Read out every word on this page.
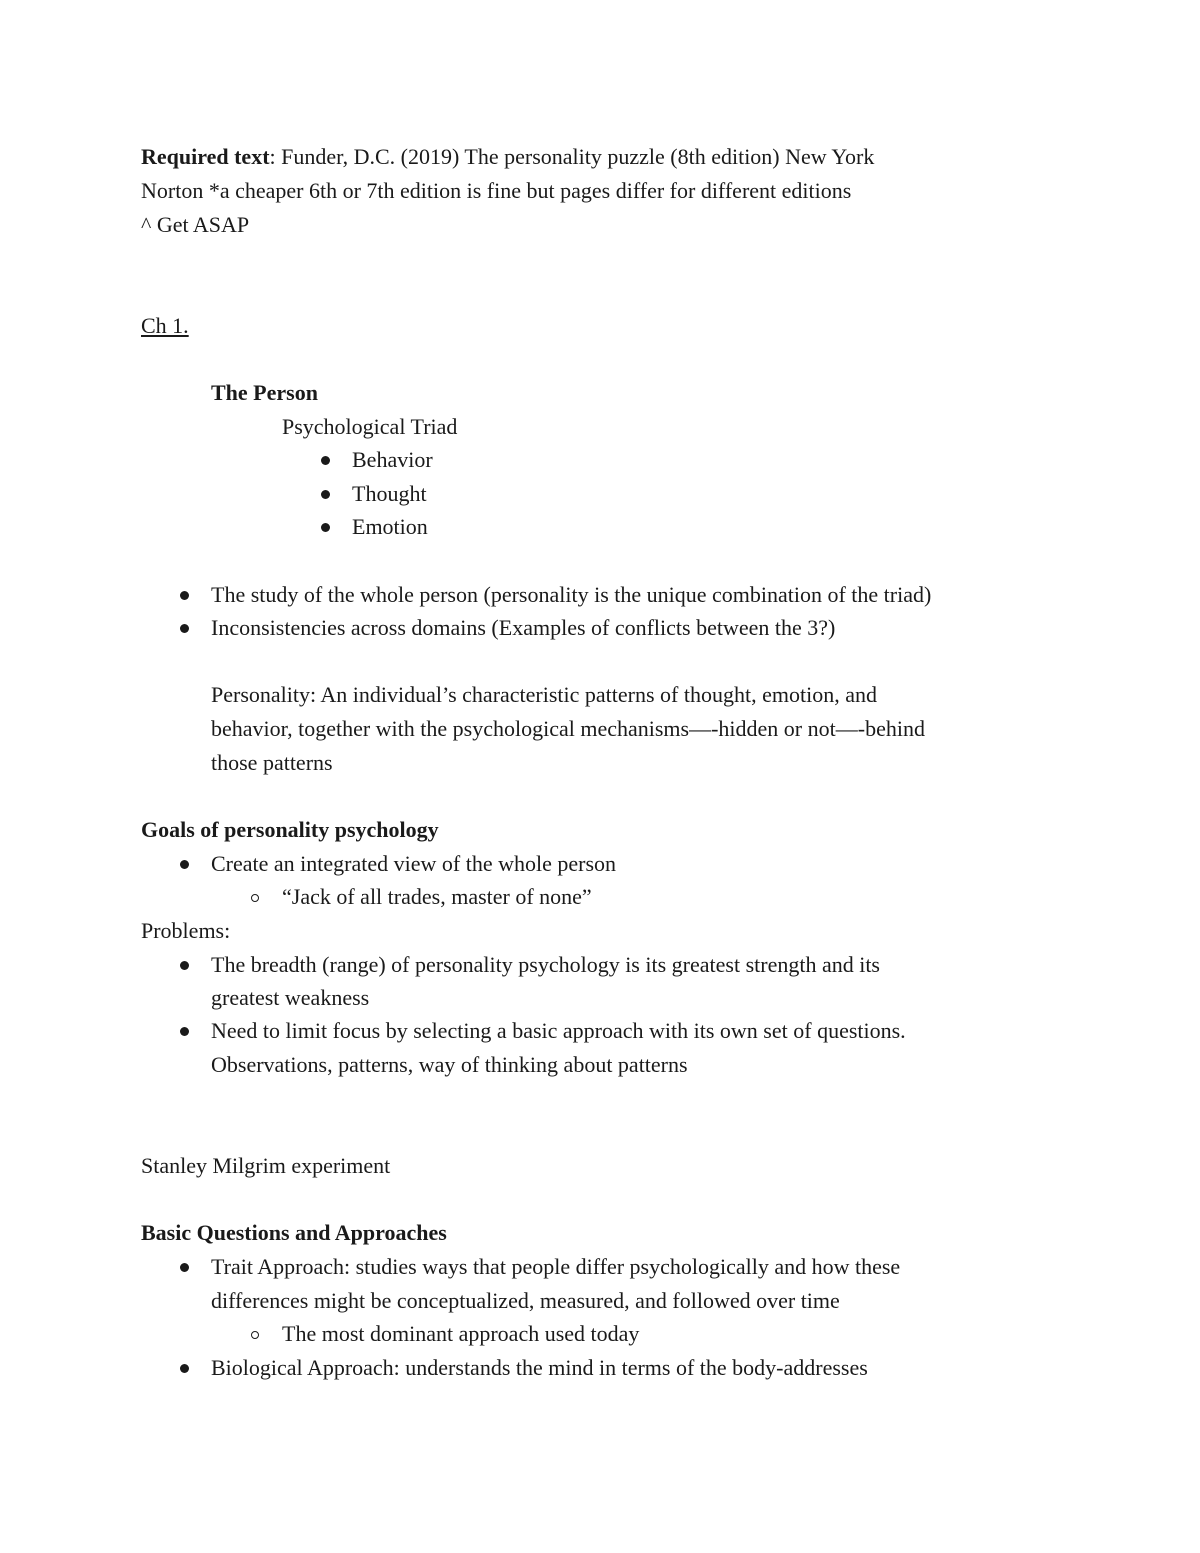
Required text: Funder, D.C. (2019) The personality puzzle (8th edition) New York
Norton *a cheaper 6th or 7th edition is fine but pages differ for different editions
^ Get ASAP
Ch 1.
The Person
Psychological Triad
Behavior
Thought
Emotion
The study of the whole person (personality is the unique combination of the triad)
Inconsistencies across domains (Examples of conflicts between the 3?)
Personality: An individual’s characteristic patterns of thought, emotion, and
behavior, together with the psychological mechanisms—-hidden or not—-behind
those patterns
Goals of personality psychology
Create an integrated view of the whole person
“Jack of all trades, master of none”
Problems:
The breadth (range) of personality psychology is its greatest strength and its
greatest weakness
Need to limit focus by selecting a basic approach with its own set of questions.
Observations, patterns, way of thinking about patterns
Stanley Milgrim experiment
Basic Questions and Approaches
Trait Approach: studies ways that people differ psychologically and how these
differences might be conceptualized, measured, and followed over time
The most dominant approach used today
Biological Approach: understands the mind in terms of the body-addresses
